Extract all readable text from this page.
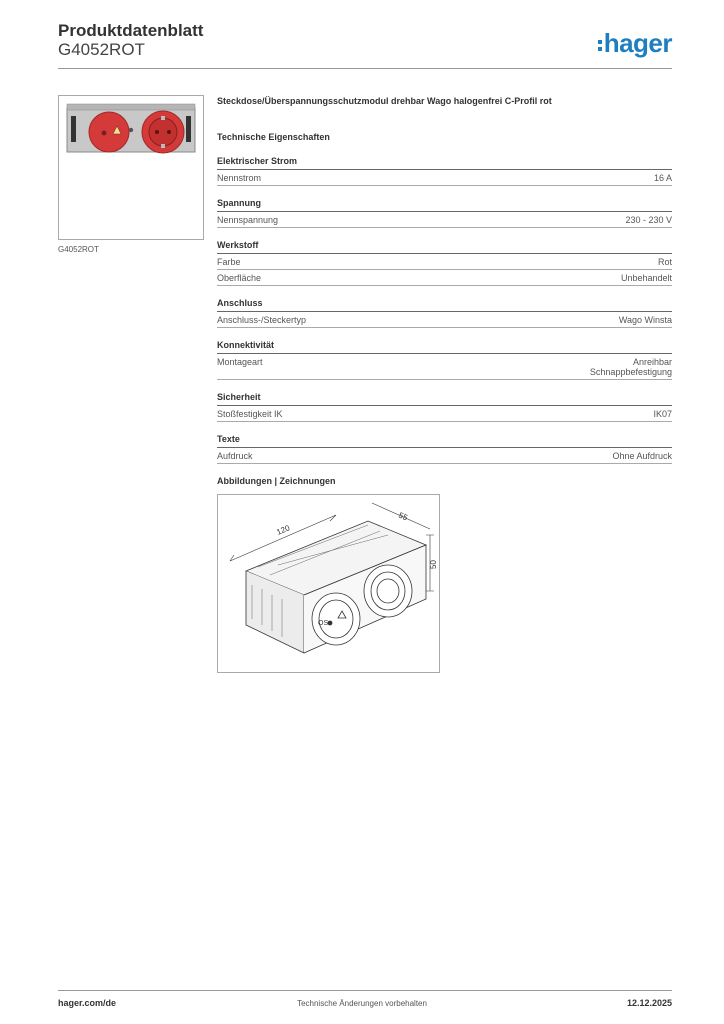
Produktdatenblatt
G4052ROT	hager
G4052ROT
Steckdose/Überspannungsschutzmodul drehbar Wago halogenfrei C-Profil rot
Technische Eigenschaften
Elektrischer Strom
Nennstrom	16 A
Spannung
Nennspannung	230 - 230 V
Werkstoff
Farbe	Rot
Oberfläche	Unbehandelt
Anschluss
Anschluss-/Steckertyp	Wago Winsta
Konnektivität
Montageart	Anreihbar
Schnappbefestigung
Sicherheit
Stoßfestigkeit IK	IK07
Texte
Aufdruck	Ohne Aufdruck
Abbildungen | Zeichnungen
120
55
50
OS
hager.com/de	Technische Änderungen vorbehalten	12.12.2025
